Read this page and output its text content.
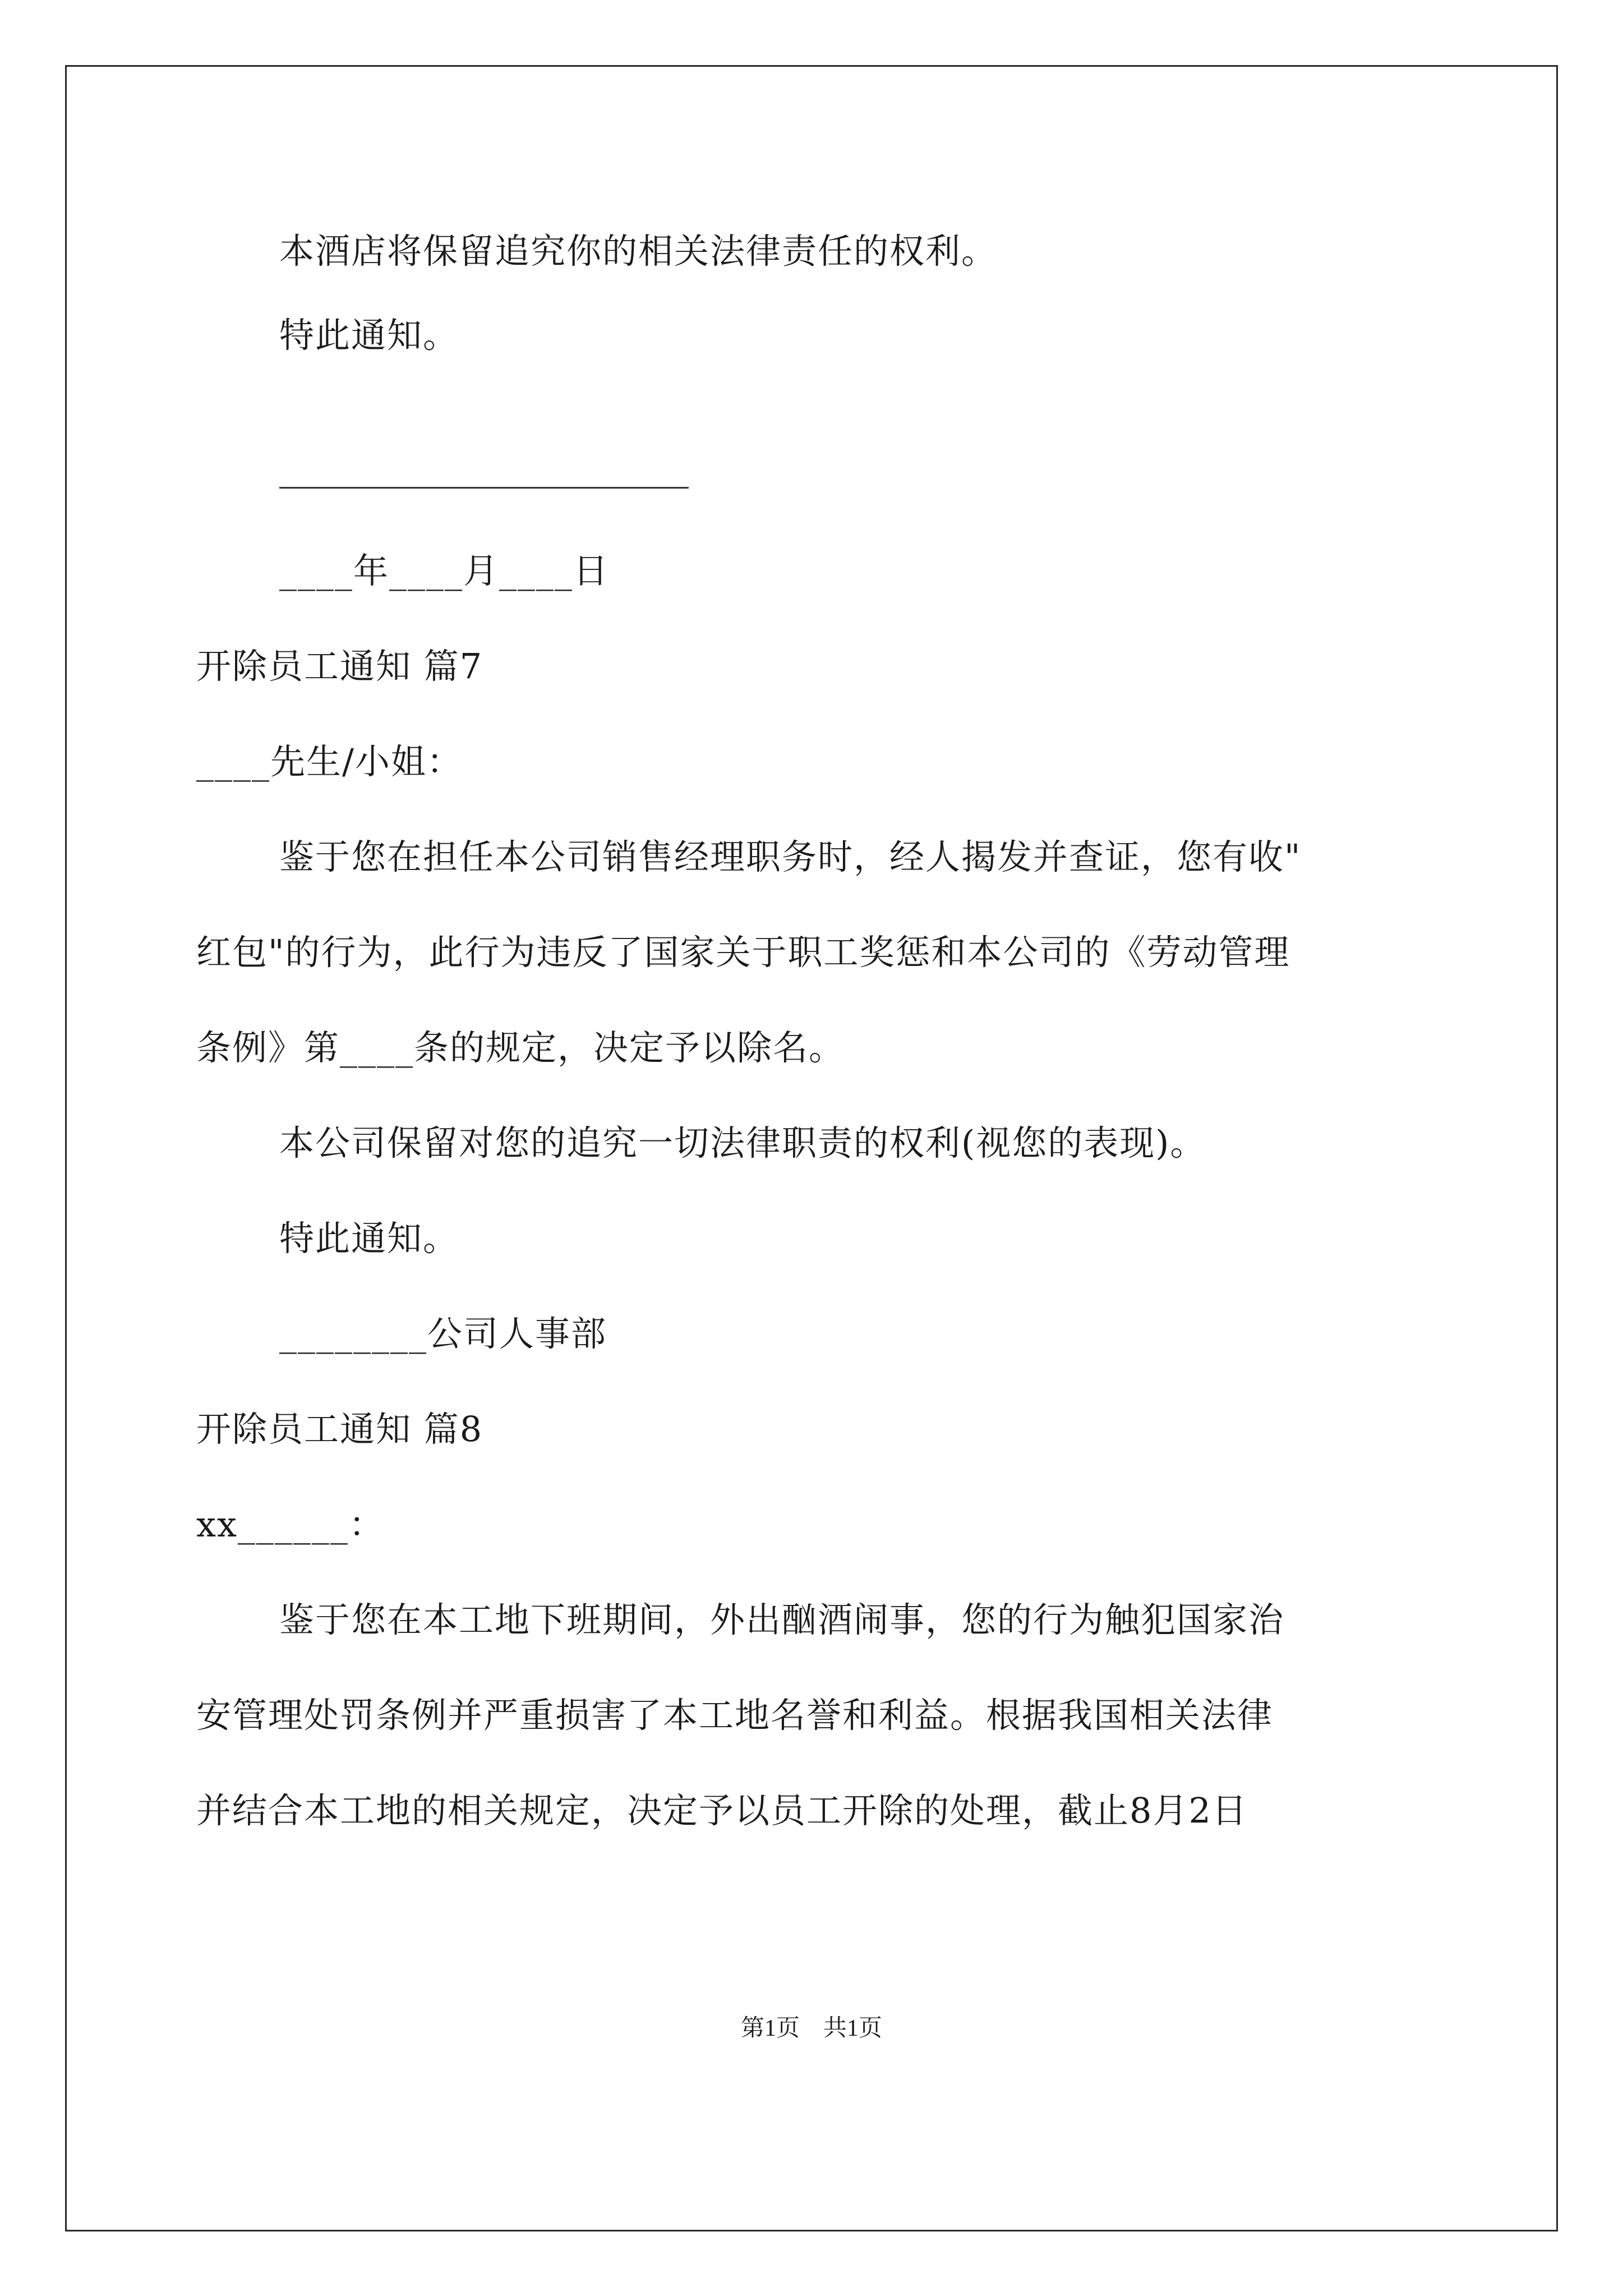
本酒店将保留追究你的相关法律责任的权利。
特此通知。
____年____月____日
开除员工通知 篇7
____先生/小姐：
鉴于您在担任本公司销售经理职务时，经人揭发并查证，您有收"
红包"的行为，此行为违反了国家关于职工奖惩和本公司的《劳动管理
条例》第____条的规定，决定予以除名。
本公司保留对您的追究一切法律职责的权利(视您的表现)。
特此通知。
________公司人事部
开除员工通知 篇8
xx______：
鉴于您在本工地下班期间，外出酗酒闹事，您的行为触犯国家治
安管理处罚条例并严重损害了本工地名誉和利益。根据我国相关法律
并结合本工地的相关规定，决定予以员工开除的处理，截止8月2日
第1页　共1页
